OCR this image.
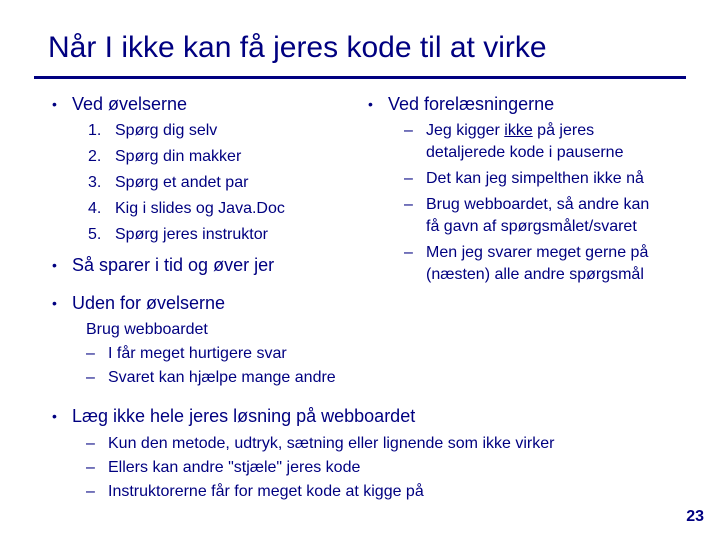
Når I ikke kan få jeres kode til at virke
• Ved øvelserne
1. Spørg dig selv
2. Spørg din makker
3. Spørg et andet par
4. Kig i slides og Java.Doc
5. Spørg jeres instruktor
• Så sparer i tid og øver jer
• Ved forelæsningerne
– Jeg kigger ikke på jeres
detaljerede kode i pauserne
– Det kan jeg simpelthen ikke nå
– Brug webboardet, så andre kan
få gavn af spørgsmålet/svaret
– Men jeg svarer meget gerne på
(næsten) alle andre spørgsmål
• Uden for øvelserne
Brug webboardet
– I får meget hurtigere svar
– Svaret kan hjælpe mange andre
• Læg ikke hele jeres løsning på webboardet
– Kun den metode, udtryk, sætning eller lignende som ikke virker
– Ellers kan andre "stjæle" jeres kode
– Instruktorerne får for meget kode at kigge på
23
